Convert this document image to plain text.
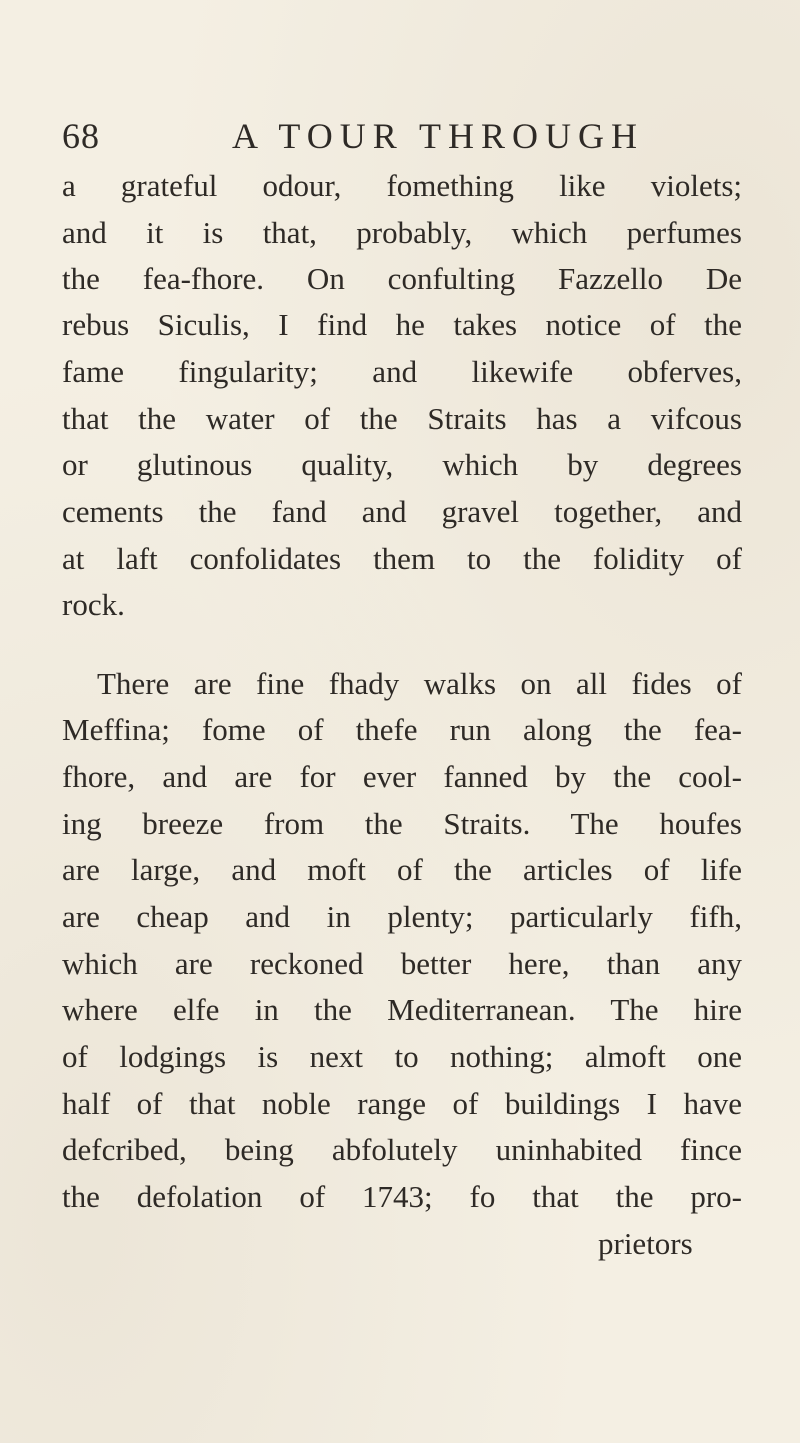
68	A TOUR THROUGH
a grateful odour, fomething like violets;
and it is that, probably, which perfumes
the fea-fhore. On confulting Fazzello De
rebus Siculis, I find he takes notice of the
fame fingularity; and likewife obferves,
that the water of the Straits has a vifcous
or glutinous quality, which by degrees
cements the fand and gravel together, and
at laft confolidates them to the folidity of
rock.
There are fine fhady walks on all fides of
Meffina; fome of thefe run along the fea-
fhore, and are for ever fanned by the cool-
ing breeze from the Straits. The houfes
are large, and moft of the articles of life
are cheap and in plenty; particularly fifh,
which are reckoned better here, than any
where elfe in the Mediterranean. The hire
of lodgings is next to nothing; almoft one
half of that noble range of buildings I have
defcribed, being abfolutely uninhabited fince
the defolation of 1743; fo that the pro-
prietors
